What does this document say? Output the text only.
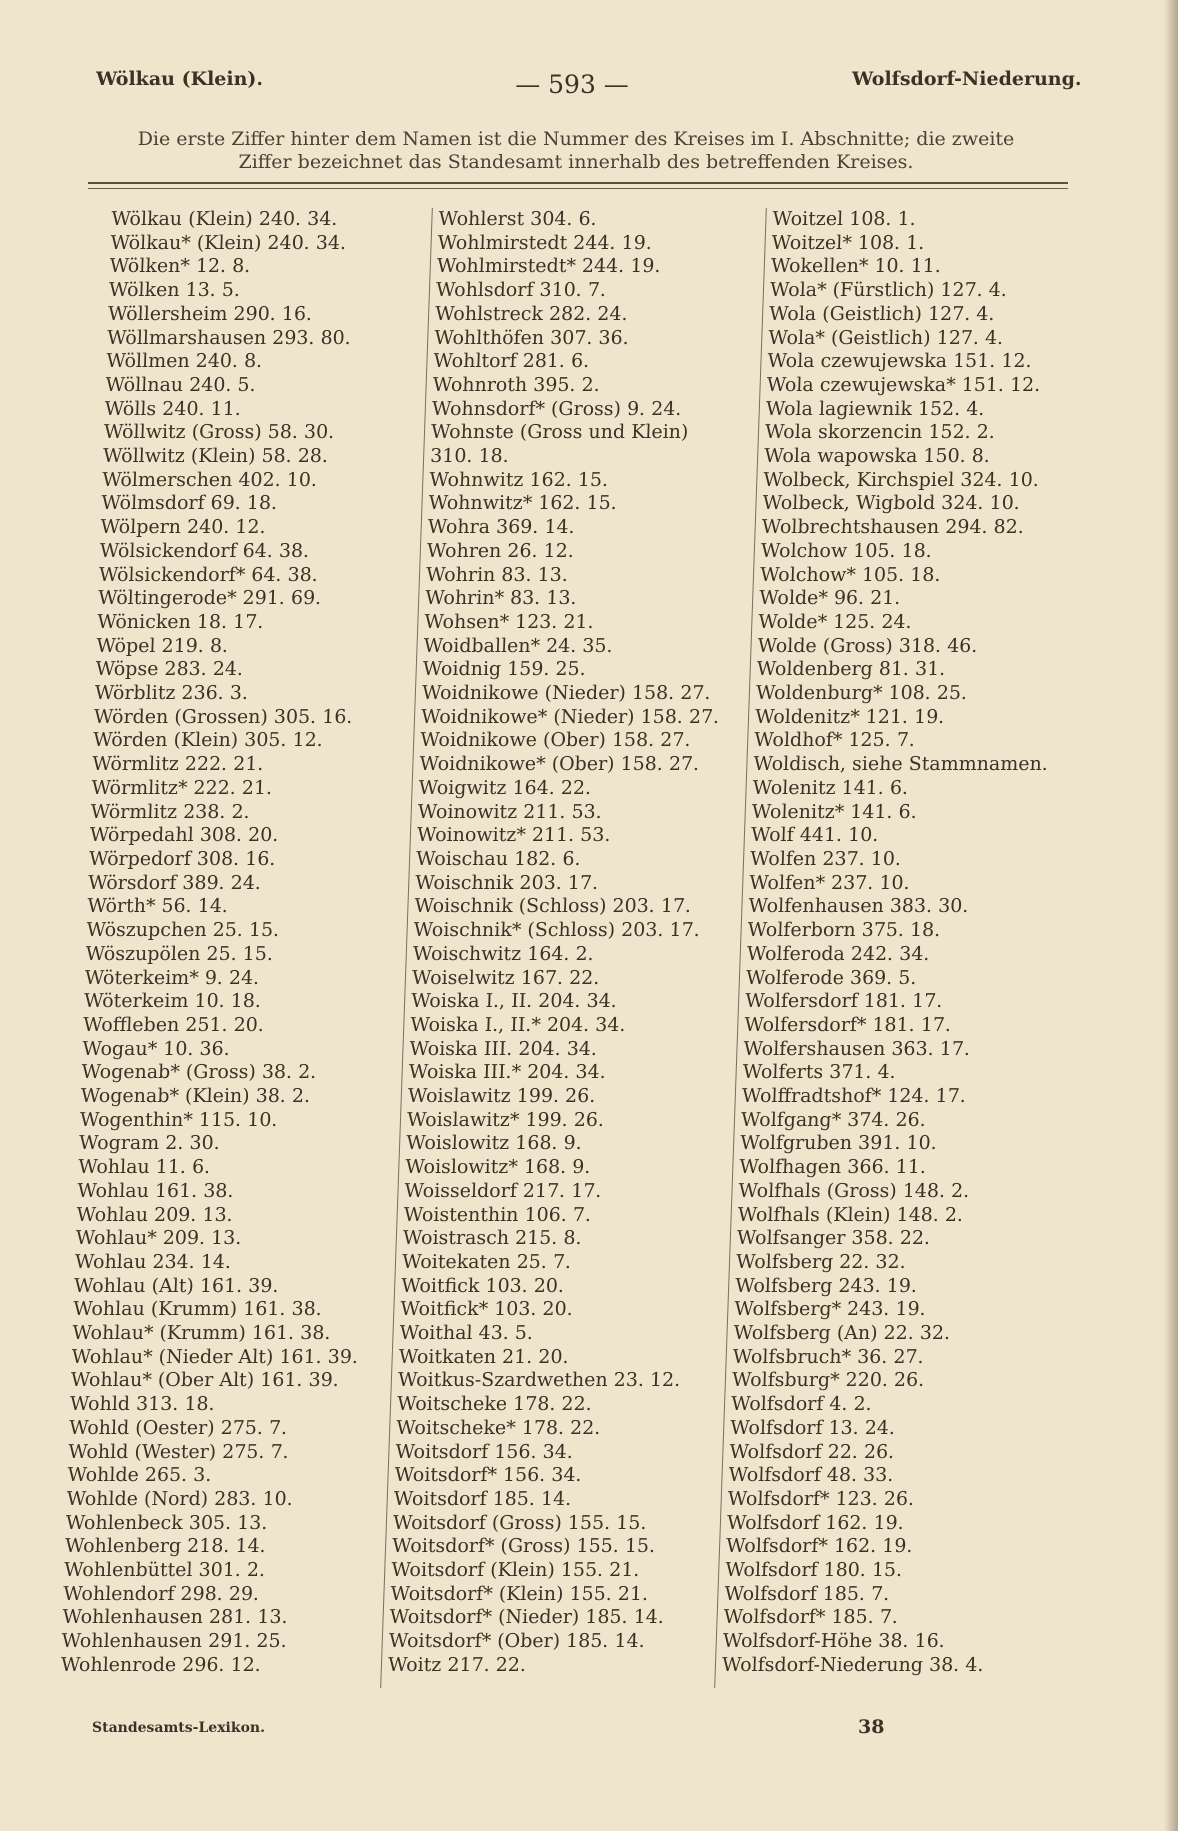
Wölkau (Klein).	— 593 —	Wolfsdorf-Niederung.
Die erste Ziffer hinter dem Namen ist die Nummer des Kreises im I. Abschnitte; die zweite
Ziffer bezeichnet das Standesamt innerhalb des betreffenden Kreises.
Wölkau (Klein) 240. 34.
Wölkau* (Klein) 240. 34.
Wölken* 12. 8.
Wölken 13. 5.
Wöllersheim 290. 16.
Wöllmarshausen 293. 80.
Wöllmen 240. 8.
Wöllnau 240. 5.
Wölls 240. 11.
Wöllwitz (Gross) 58. 30.
Wöllwitz (Klein) 58. 28.
Wölmerschen 402. 10.
Wölmsdorf 69. 18.
Wölpern 240. 12.
Wölsickendorf 64. 38.
Wölsickendorf* 64. 38.
Wöltingerode* 291. 69.
Wönicken 18. 17.
Wöpel 219. 8.
Wöpse 283. 24.
Wörblitz 236. 3.
Wörden (Grossen) 305. 16.
Wörden (Klein) 305. 12.
Wörmlitz 222. 21.
Wörmlitz* 222. 21.
Wörmlitz 238. 2.
Wörpedahl 308. 20.
Wörpedorf 308. 16.
Wörsdorf 389. 24.
Wörth* 56. 14.
Wöszupchen 25. 15.
Wöszupölen 25. 15.
Wöterkeim* 9. 24.
Wöterkeim 10. 18.
Woffleben 251. 20.
Wogau* 10. 36.
Wogenab* (Gross) 38. 2.
Wogenab* (Klein) 38. 2.
Wogenthin* 115. 10.
Wogram 2. 30.
Wohlau 11. 6.
Wohlau 161. 38.
Wohlau 209. 13.
Wohlau* 209. 13.
Wohlau 234. 14.
Wohlau (Alt) 161. 39.
Wohlau (Krumm) 161. 38.
Wohlau* (Krumm) 161. 38.
Wohlau* (Nieder Alt) 161. 39.
Wohlau* (Ober Alt) 161. 39.
Wohld 313. 18.
Wohld (Oester) 275. 7.
Wohld (Wester) 275. 7.
Wohlde 265. 3.
Wohlde (Nord) 283. 10.
Wohlenbeck 305. 13.
Wohlenberg 218. 14.
Wohlenbüttel 301. 2.
Wohlendorf 298. 29.
Wohlenhausen 281. 13.
Wohlenhausen 291. 25.
Wohlenrode 296. 12.
Wohlerst 304. 6.
Wohlmirstedt 244. 19.
Wohlmirstedt* 244. 19.
Wohlsdorf 310. 7.
Wohlstreck 282. 24.
Wohlthöfen 307. 36.
Wohltorf 281. 6.
Wohnroth 395. 2.
Wohnsdorf* (Gross) 9. 24.
Wohnste (Gross und Klein)
310. 18.
Wohnwitz 162. 15.
Wohnwitz* 162. 15.
Wohra 369. 14.
Wohren 26. 12.
Wohrin 83. 13.
Wohrin* 83. 13.
Wohsen* 123. 21.
Woidballen* 24. 35.
Woidnig 159. 25.
Woidnikowe (Nieder) 158. 27.
Woidnikowe* (Nieder) 158. 27.
Woidnikowe (Ober) 158. 27.
Woidnikowe* (Ober) 158. 27.
Woigwitz 164. 22.
Woinowitz 211. 53.
Woinowitz* 211. 53.
Woischau 182. 6.
Woischnik 203. 17.
Woischnik (Schloss) 203. 17.
Woischnik* (Schloss) 203. 17.
Woischwitz 164. 2.
Woiselwitz 167. 22.
Woiska I., II. 204. 34.
Woiska I., II.* 204. 34.
Woiska III. 204. 34.
Woiska III.* 204. 34.
Woislawitz 199. 26.
Woislawitz* 199. 26.
Woislowitz 168. 9.
Woislowitz* 168. 9.
Woisseldorf 217. 17.
Woistenthin 106. 7.
Woistrasch 215. 8.
Woitekaten 25. 7.
Woitfick 103. 20.
Woitfick* 103. 20.
Woithal 43. 5.
Woitkaten 21. 20.
Woitkus-Szardwethen 23. 12.
Woitscheke 178. 22.
Woitscheke* 178. 22.
Woitsdorf 156. 34.
Woitsdorf* 156. 34.
Woitsdorf 185. 14.
Woitsdorf (Gross) 155. 15.
Woitsdorf* (Gross) 155. 15.
Woitsdorf (Klein) 155. 21.
Woitsdorf* (Klein) 155. 21.
Woitsdorf* (Nieder) 185. 14.
Woitsdorf* (Ober) 185. 14.
Woitz 217. 22.
Woitzel 108. 1.
Woitzel* 108. 1.
Wokellen* 10. 11.
Wola* (Fürstlich) 127. 4.
Wola (Geistlich) 127. 4.
Wola* (Geistlich) 127. 4.
Wola czewujewska 151. 12.
Wola czewujewska* 151. 12.
Wola lagiewnik 152. 4.
Wola skorzencin 152. 2.
Wola wapowska 150. 8.
Wolbeck, Kirchspiel 324. 10.
Wolbeck, Wigbold 324. 10.
Wolbrechtshausen 294. 82.
Wolchow 105. 18.
Wolchow* 105. 18.
Wolde* 96. 21.
Wolde* 125. 24.
Wolde (Gross) 318. 46.
Woldenberg 81. 31.
Woldenburg* 108. 25.
Woldenitz* 121. 19.
Woldhof* 125. 7.
Woldisch, siehe Stammnamen.
Wolenitz 141. 6.
Wolenitz* 141. 6.
Wolf 441. 10.
Wolfen 237. 10.
Wolfen* 237. 10.
Wolfenhausen 383. 30.
Wolferborn 375. 18.
Wolferoda 242. 34.
Wolferode 369. 5.
Wolfersdorf 181. 17.
Wolfersdorf* 181. 17.
Wolfershausen 363. 17.
Wolferts 371. 4.
Wolffradtshof* 124. 17.
Wolfgang* 374. 26.
Wolfgruben 391. 10.
Wolfhagen 366. 11.
Wolfhals (Gross) 148. 2.
Wolfhals (Klein) 148. 2.
Wolfsanger 358. 22.
Wolfsberg 22. 32.
Wolfsberg 243. 19.
Wolfsberg* 243. 19.
Wolfsberg (An) 22. 32.
Wolfsbruch* 36. 27.
Wolfsburg* 220. 26.
Wolfsdorf 4. 2.
Wolfsdorf 13. 24.
Wolfsdorf 22. 26.
Wolfsdorf 48. 33.
Wolfsdorf* 123. 26.
Wolfsdorf 162. 19.
Wolfsdorf* 162. 19.
Wolfsdorf 180. 15.
Wolfsdorf 185. 7.
Wolfsdorf* 185. 7.
Wolfsdorf-Höhe 38. 16.
Wolfsdorf-Niederung 38. 4.
Standesamts-Lexikon.	38
